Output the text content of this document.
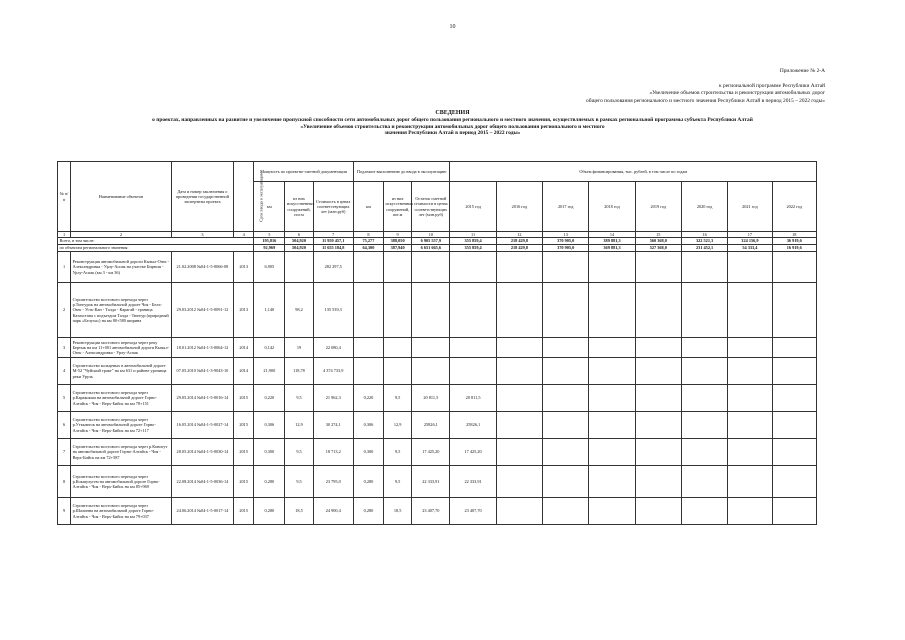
10
Приложение № 2-А
к региональной программе Республики Алтай
«Увеличение объемов строительства и реконструкции автомобильных дорог
общего пользования регионального и местного значения Республики Алтай в период 2015 – 2022 годы»
СВЕДЕНИЯ
о проектах, направленных на развитие и увеличение пропускной способности сети автомобильных дорог общего пользования регионального и местного значения, осуществляемых в рамках региональной программы субъекта Республики Алтай
«Увеличение объемов строительства и реконструкции автомобильных дорог общего пользования регионального и местного
значения Республики Алтай в период 2015 – 2022 годы»
№ п/п	Наименование объектов	Дата и номер заключения о проведении государственной экспертизы проекта	Срок ввода в эксплуатацию	Мощность по проектно-сметной документации			Подлежит выполнению до ввода в эксплуатацию			Объем финансирования, тыс. рублей, в том числе по годам							
				км	из них искусственных сооружений, пог.м	Стоимость в ценах соответствующих лет (млн.руб)	км	из них искусственных сооружений, пог.м	Остаток сметной стоимости в ценах соответствующих лет (млн.руб)	2015 год	2016 год	2017 год	2018 год	2019 год	2020 год	2021 год	2022 год
1	2	3	4	5	6	7	8	9	10	11	12	13	14	15	16	17	18
Всего, в том числе:				195,816	504,920	11 959 457,1	75,277	388,050	6 905 557,9	355 859,4	218 429,8	370 905,0	389 881,3	560 368,0	322 521,3	324 156,9	36 919,6
по объектам регионального значения:				92,969	504,920	11 655 184,8	64,300	387,940	6 651 665,6	355 859,4	218 429,8	370 905,0	369 881,3	527 368,0	231 452,1	54 333,4	16 919,6
1	Реконструкция автомобильной дороги Кызыл-Озек - Александровка - Урлу-Аспак на участке Бирюля - Урлу-Аспак (км 3 - км 36)	21.02.2008 №04-1-5-0066-08	2013	6,905		282 297,5											
2	Строительство мостового перехода через р.Тонгурок на автомобильной дороге Чоя - Бель-Озек - Усть-Кан - Талда - Карагай - граница Казахстана с подъездом Талда - Тюнгур (природный парк «Белуха») на км 80+580 ширина	29.03.2012 №04-1-5-0091-12	2013	1,140	98,2	135 539,3											
3	Реконструкция мостового перехода через реку Бертык на км 11+001 автомобильной дороги Кызыл-Озек - Александровка - Урлу-Аспак	18.01.2012 №04-1-3-0064-12	2014	0,142	19	22 080,4											
4	Строительство кольцевых в автомобильной дороге М-52 "Чуйский тракт" на км 631 и районе урочища реки Уруль	07.05.2010 №04-1-3-9043-10	2014	21,900	118,78	4 374 733,9											
5	Строительство мостового перехода через р.Каракокша на автомобильной дороге Горно-Алтайск - Чоя - Верх-Бийск на км 78+151	29.05.2014 №04-1-5-0016-14	2015	0,220	9,5	21 962,3	0,220	9,5	20 811,5	20 811,5							
6	Строительство мостового перехода через р.Уткыюгок на автомобильной дороге Горно-Алтайск - Чоя - Верх-Бийск на км 72+117	16.05.2014 №04-1-5-0027-14	2015	0,306	12,9	30 274,1	0,306	12,9	25826,1	25826,1							
7	Строительство мостового перехода через р.Конигут на автомобильной дороге Горно-Алтайск - Чоя - Верх-Бийск на км 72+587	28.05.2014 №04-1-5-0030-14	2015	0,300	9,5	18 713,2	0,300	9,5	17 425,20	17 425,20							
8	Строительство мостового перехода через р.Кокшулугем на автомобильной дороге Горно-Алтайск - Чоя - Верх-Бийск на км 85+969	22.08.2014 №04-1-5-0036-14	2015	0,280	9,5	23 795,0	0,280	9,5	22 333,91	22 333,91							
9	Строительство мостового перехода через р.Шалинна на автомобильной дороге Горно-Алтайск - Чоя - Верх-Бийск на км 79+037	24.06.2014 №04-1-5-0017-14	2015	0,280	18,5	24 900,4	0,280	18,5	23 407,70	23 407,70							
